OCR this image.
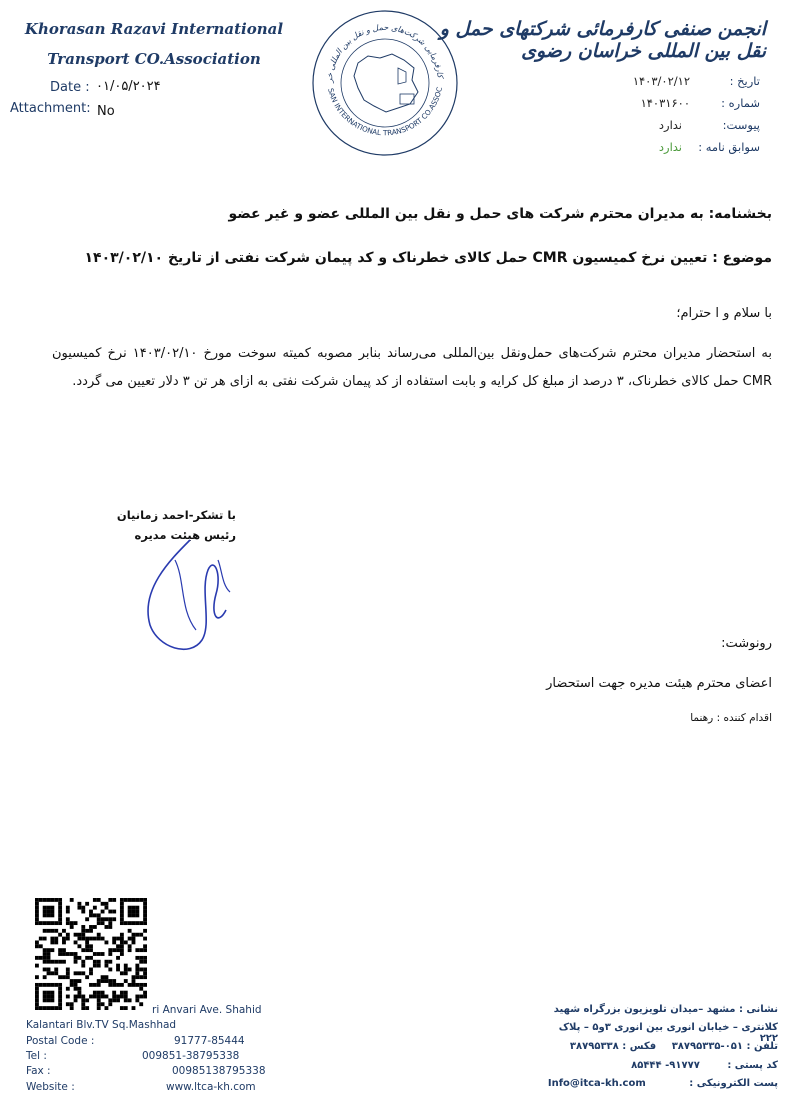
Khorasan Razavi International
Transport CO.Association
Date : ۰۱/۰۵/۲۰۲۴
Attachment: No
کارفرمایی شرکت‌های حمل و نقل بین المللی خر
SAN INTERNATIONAL TRANSPORT CO.ASSOC
انجمن صنفی کارفرمائی شرکتهای حمل و نقل بین المللی خراسان رضوی
تاریخ :
۱۴۰۳/۰۲/۱۲
شماره :
۱۴۰۳۱۶۰۰
پیوست:
ندارد
سوابق نامه :
ندارد
بخشنامه: به مدیران محترم شرکت های حمل و نقل بین المللی عضو و غیر عضو
موضوع : تعیین نرخ کمیسیون CMR حمل کالای خطرناک و کد پیمان شرکت نفتی از تاریخ ۱۴۰۳/۰۲/۱۰
با سلام و ا حترام؛
به استحضار مدیران محترم شرکت‌های حمل‌ونقل بین‌المللی می‌رساند بنابر مصوبه کمیته سوخت مورخ ۱۴۰۳/۰۲/۱۰ نرخ کمیسیون CMR حمل کالای خطرناک، ۳ درصد از مبلغ کل کرایه و بابت استفاده از کد پیمان شرکت نفتی به ازای هر تن ۳ دلار تعیین می گردد.
با تشکر-احمد زمانیان
رئیس هیئت مدیره
رونوشت:
اعضای محترم هیئت مدیره جهت استحضار
اقدام کننده : رهنما
ri Anvari Ave. Shahid
Kalantari Blv.TV Sq.Mashhad
Postal Code :	91777-85444
Tel :	009851-38795338
Fax :	00985138795338
Website :	www.ltca-kh.com
نشانی : مشهد –میدان تلویزیون بزرگراه شهید
کلانتری – خیابان انوری بین انوری ۳و۵ – پلاک ۲۲۲
تلفن : ۰۵۱-۳۸۷۹۵۳۳۵ فکس : ۳۸۷۹۵۳۳۸
کد پستی : ۹۱۷۷۷- ۸۵۴۴۴
پست الکترونیکی : Info@itca-kh.com
